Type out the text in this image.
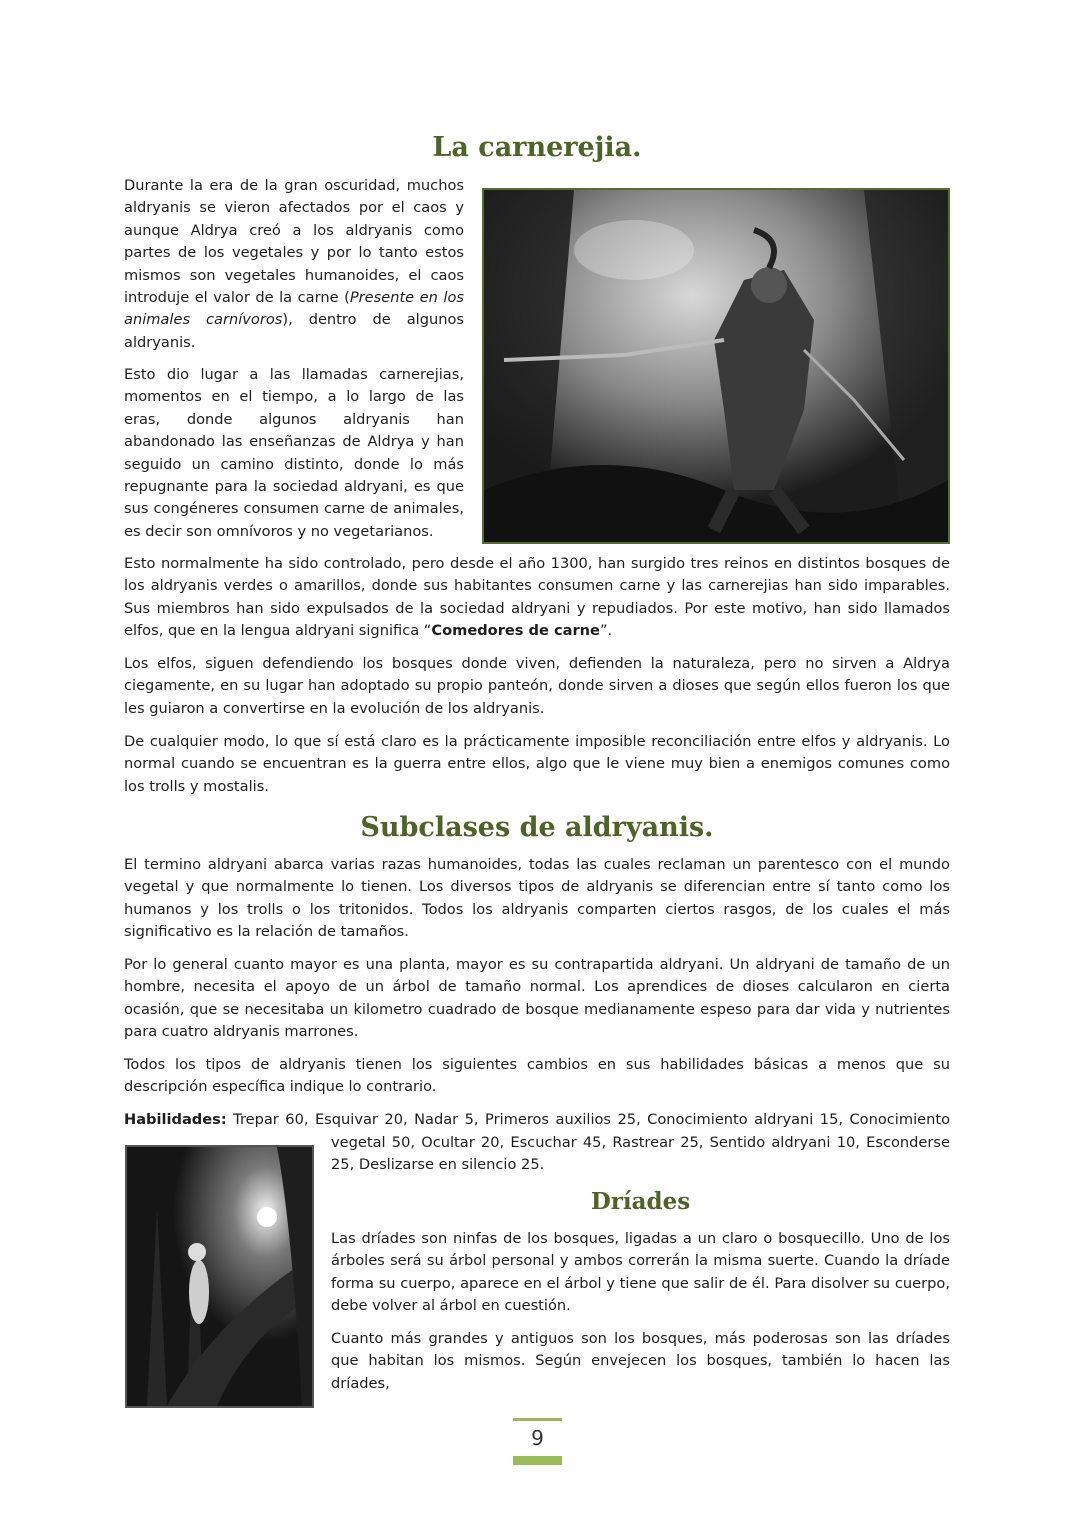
La carnerejia.

Durante la era de la gran oscuridad, muchos aldryanis se vieron afectados por el caos y aunque Aldrya creó a los aldryanis como partes de los vegetales y por lo tanto estos mismos son vegetales humanoides, el caos introduje el valor de la carne (Presente en los animales carnívoros), dentro de algunos aldryanis.

Esto dio lugar a las llamadas carnerejias, momentos en el tiempo, a lo largo de las eras, donde algunos aldryanis han abandonado las enseñanzas de Aldrya y han seguido un camino distinto, donde lo más repugnante para la sociedad aldryani, es que sus congéneres consumen carne de animales, es decir son omnívoros y no vegetarianos.

Esto normalmente ha sido controlado, pero desde el año 1300, han surgido tres reinos en distintos bosques de los aldryanis verdes o amarillos, donde sus habitantes consumen carne y las carnerejias han sido imparables. Sus miembros han sido expulsados de la sociedad aldryani y repudiados. Por este motivo, han sido llamados elfos, que en la lengua aldryani significa “Comedores de carne”.

Los elfos, siguen defendiendo los bosques donde viven, defienden la naturaleza, pero no sirven a Aldrya ciegamente, en su lugar han adoptado su propio panteón, donde sirven a dioses que según ellos fueron los que les guiaron a convertirse en la evolución de los aldryanis.

De cualquier modo, lo que sí está claro es la prácticamente imposible reconciliación entre elfos y aldryanis. Lo normal cuando se encuentran es la guerra entre ellos, algo que le viene muy bien a enemigos comunes como los trolls y mostalis.

Subclases de aldryanis.

El termino aldryani abarca varias razas humanoides, todas las cuales reclaman un parentesco con el mundo vegetal y que normalmente lo tienen. Los diversos tipos de aldryanis se diferencian entre sí tanto como los humanos y los trolls o los tritonidos. Todos los aldryanis comparten ciertos rasgos, de los cuales el más significativo es la relación de tamaños.

Por lo general cuanto mayor es una planta, mayor es su contrapartida aldryani. Un aldryani de tamaño de un hombre, necesita el apoyo de un árbol de tamaño normal. Los aprendices de dioses calcularon en cierta ocasión, que se necesitaba un kilometro cuadrado de bosque medianamente espeso para dar vida y nutrientes para cuatro aldryanis marrones.

Todos los tipos de aldryanis tienen los siguientes cambios en sus habilidades básicas a menos que su descripción específica indique lo contrario.

Habilidades: Trepar 60, Esquivar 20, Nadar 5, Primeros auxilios 25, Conocimiento aldryani 15, Conocimiento

vegetal 50, Ocultar 20, Escuchar 45, Rastrear 25, Sentido aldryani 10, Esconderse 25, Deslizarse en silencio 25.

Dríades

Las dríades son ninfas de los bosques, ligadas a un claro o bosquecillo. Uno de los árboles será su árbol personal y ambos correrán la misma suerte. Cuando la dríade forma su cuerpo, aparece en el árbol y tiene que salir de él. Para disolver su cuerpo, debe volver al árbol en cuestión.

Cuanto más grandes y antiguos son los bosques, más poderosas son las dríades que habitan los mismos. Según envejecen los bosques, también lo hacen las dríades,

9
